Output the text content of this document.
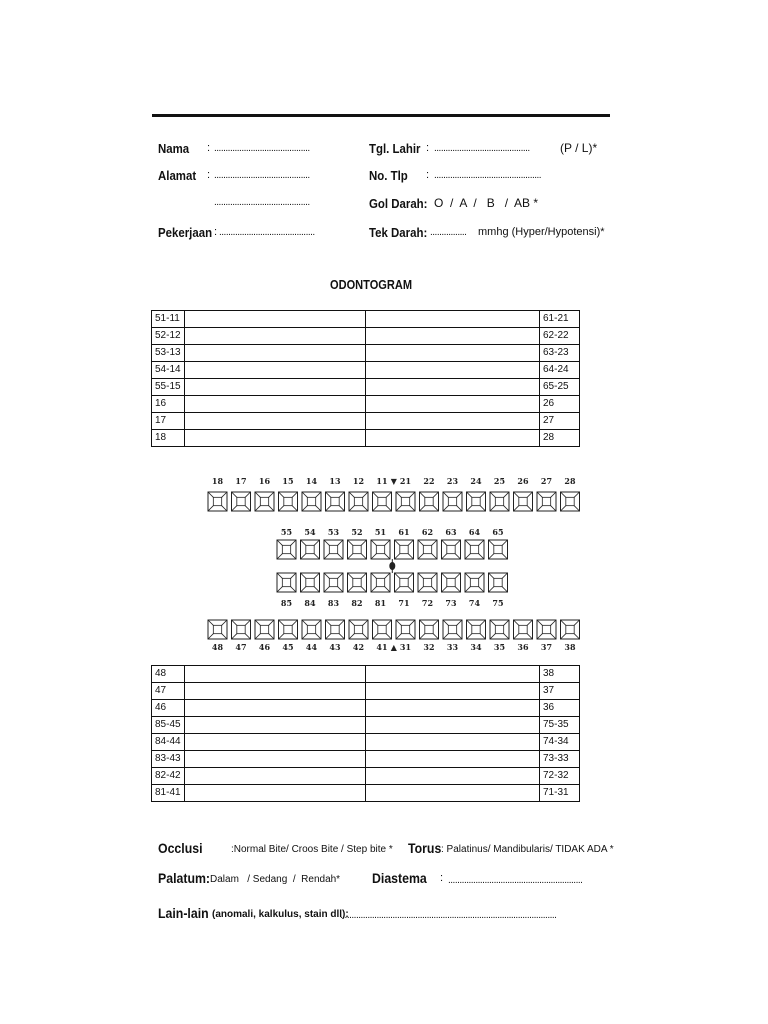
Nama : ..........................................
Alamat : ..........................................
..........................................
Pekerjaan : ..........................................
Tgl. Lahir : ..........................................	(P / L)*
No. Tlp : ...............................................
Gol Darah: O  /  A  /   B   /  AB *
Tek Darah: ................ mmhg (Hyper/Hypotensi)*
ODONTOGRAM
51-11			61-21
52-12			62-22
53-13			63-23
54-14			64-24
55-15			65-25
16			26
17			27
18			28
18 17 16 15 14 13 12 11 21 22 23 24 25 26 27 28
48 47 46 45 44 43 42 41 31 32 33 34 35 36 37 38
55 54 53 52 51 61 62 63 64 65
85 84 83 82 81 71 72 73 74 75
▼
▲
48			38
47			37
46			36
85-45			75-35
84-44			74-34
83-43			73-33
82-42			72-32
81-41			71-31
Occlusi	:Normal Bite/ Croos Bite / Step bite * Torus : Palatinus/ Mandibularis/ TIDAK ADA *
Palatum: Dalam   / Sedang  /  Rendah* Diastema : ...........................................................
Lain-lain (anomali, kalkulus, stain dll):
...............................................................................................
